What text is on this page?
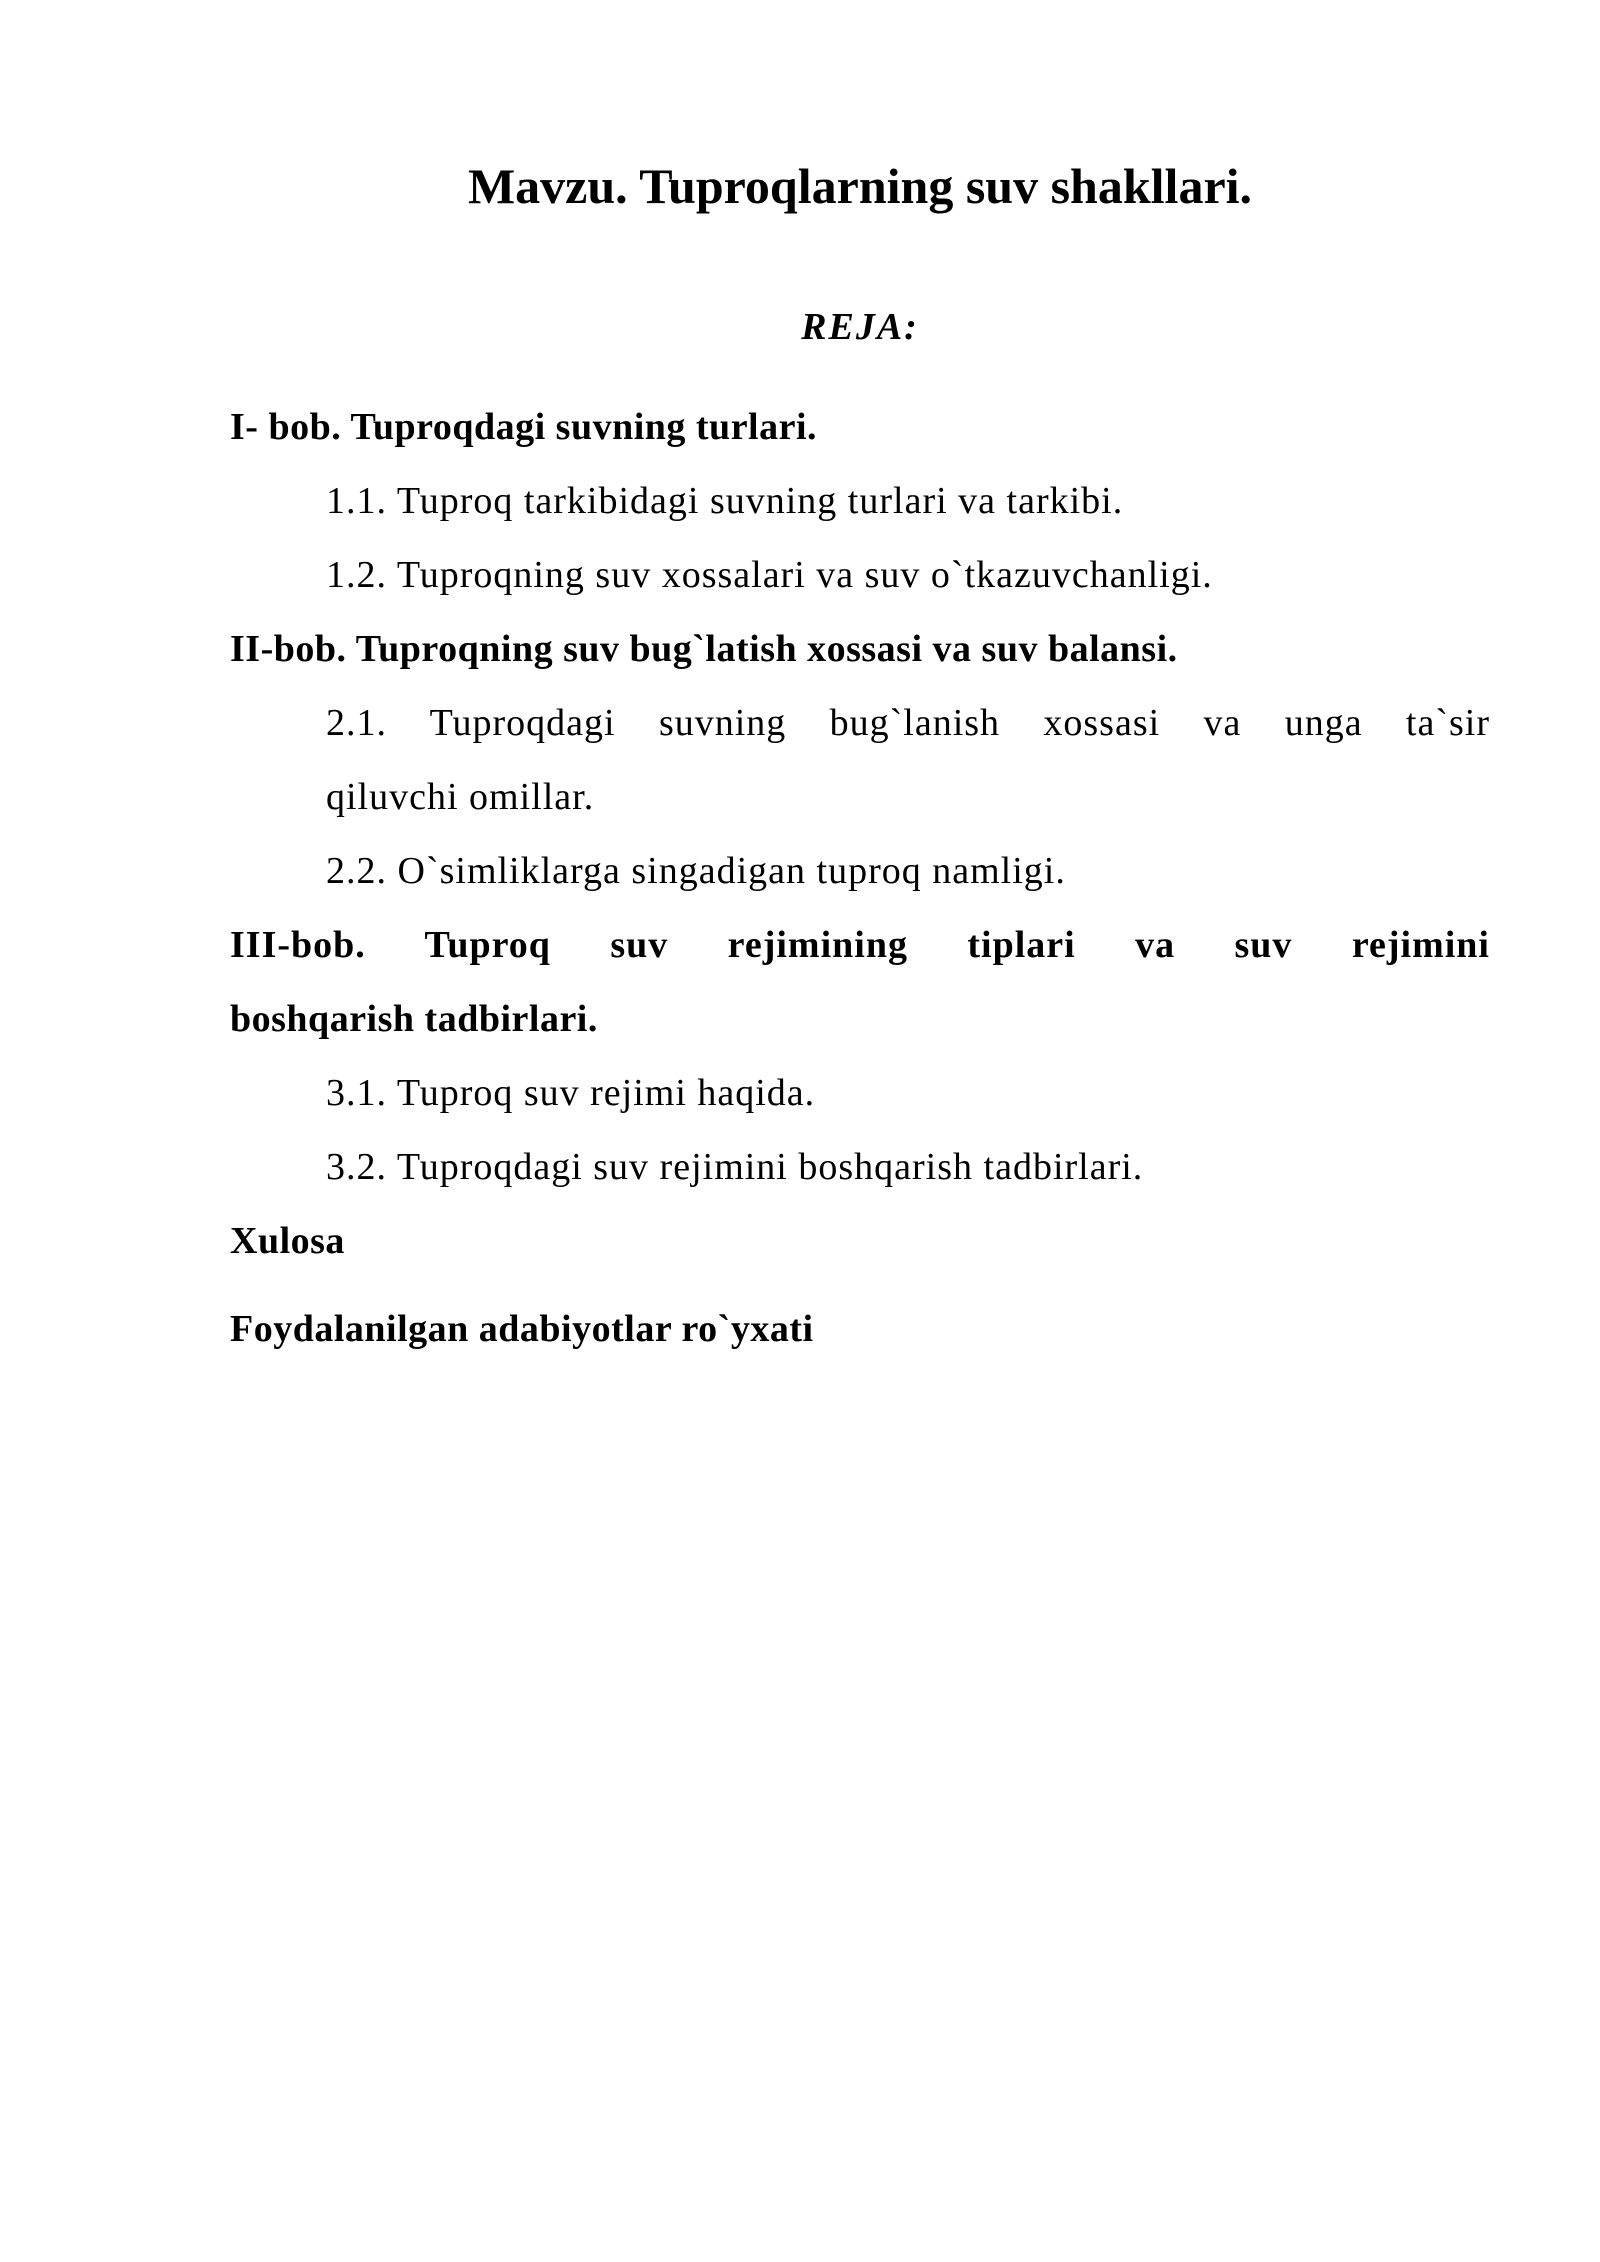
Mavzu. Tuproqlarning suv shakllari.
REJA:
I- bob. Tuproqdagi suvning turlari.
1.1. Tuproq tarkibidagi suvning turlari va tarkibi.
1.2. Tuproqning suv xossalari va suv o`tkazuvchanligi.
II-bob. Tuproqning suv bug`latish xossasi va suv balansi.
2.1. Tuproqdagi suvning bug`lanish xossasi va unga ta`sir
qiluvchi omillar.
2.2. O`simliklarga singadigan tuproq namligi.
III-bob. Tuproq suv rejimining tiplari va suv rejimini
boshqarish tadbirlari.
3.1. Tuproq suv rejimi haqida.
3.2. Tuproqdagi suv rejimini boshqarish tadbirlari.
Xulosa
Foydalanilgan adabiyotlar ro`yxati
